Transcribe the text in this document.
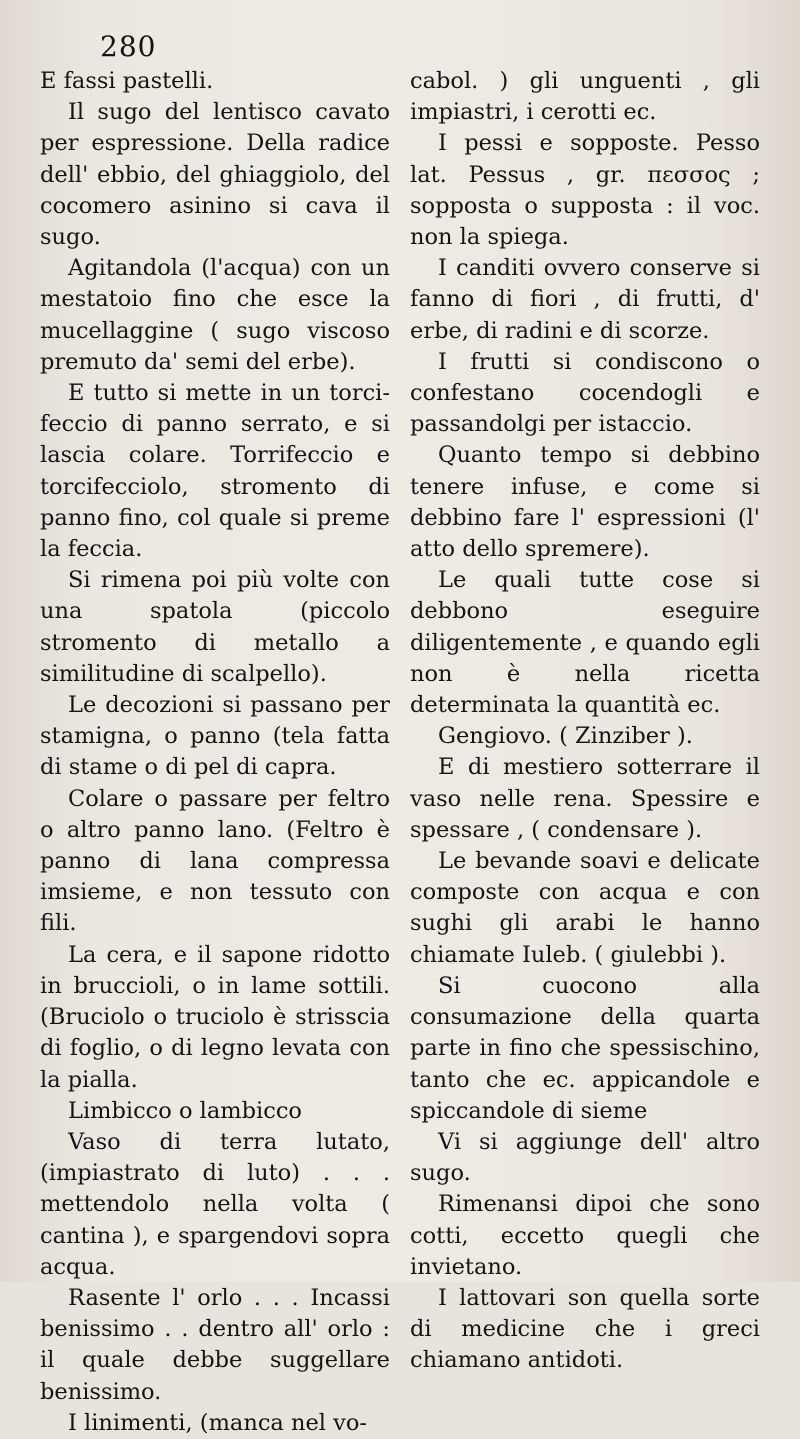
280

E fassi pastelli.

Il sugo del lentisco cavato per espressione. Della radice dell' ebbio, del ghiaggiolo, del cocomero asinino si cava il sugo.

Agitandola (l'acqua) con un mestatoio fino che esce la mucellaggine ( sugo viscoso premuto da' semi del erbe).

E tutto si mette in un torci-feccio di panno serrato, e si lascia colare. Torrifeccio e torcifecciolo, stromento di panno fino, col quale si preme la feccia.

Si rimena poi più volte con una spatola (piccolo stromento di metallo a similitudine di scalpello).

Le decozioni si passano per stamigna, o panno (tela fatta di stame o di pel di capra.

Colare o passare per feltro o altro panno lano. (Feltro è panno di lana compressa imsieme, e non tessuto con fili.

La cera, e il sapone ridotto in bruccioli, o in lame sottili. (Bruciolo o truciolo è strisscia di foglio, o di legno levata con la pialla.

Limbicco o lambicco

Vaso di terra lutato, (impiastrato di luto) . . . mettendolo nella volta ( cantina ), e spargendovi sopra acqua.

Rasente l' orlo . . . Incassi benissimo . . dentro all' orlo : il quale debbe suggellare benissimo.

I linimenti, (manca nel vo-

cabol. ) gli unguenti , gli impiastri, i cerotti ec.

I pessi e sopposte. Pesso lat. Pessus , gr. πεσσος ; sopposta o supposta : il voc. non la spiega.

I canditi ovvero conserve si fanno di fiori , di frutti, d' erbe, di radini e di scorze.

I frutti si condiscono o confestano cocendogli e passandolgi per istaccio.

Quanto tempo si debbino tenere infuse, e come si debbino fare l' espressioni (l' atto dello spremere).

Le quali tutte cose si debbono eseguire diligentemente , e quando egli non è nella ricetta determinata la quantità ec.

Gengiovo. ( Zinziber ).

E di mestiero sotterrare il vaso nelle rena. Spessire e spessare , ( condensare ).

Le bevande soavi e delicate composte con acqua e con sughi gli arabi le hanno chiamate Iuleb. ( giulebbi ).

Si cuocono alla consumazione della quarta parte in fino che spessischino, tanto che ec. appicandole e spiccandole di sieme

Vi si aggiunge dell' altro sugo.

Rimenansi dipoi che sono cotti, eccetto quegli che invietano.

I lattovari son quella sorte di medicine che i greci chiamano antidoti.
